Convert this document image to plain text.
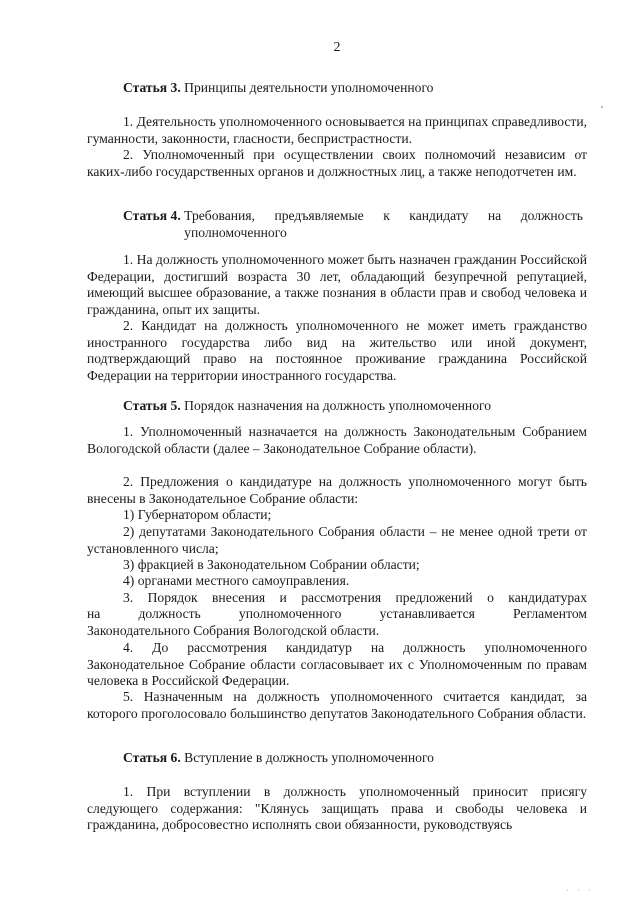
2
Статья 3. Принципы деятельности уполномоченного
1. Деятельность уполномоченного основывается на принципах справедливости, гуманности, законности, гласности, беспристрастности.
2. Уполномоченный при осуществлении своих полномочий независим от каких-либо государственных органов и должностных лиц, а также неподотчетен им.
Статья 4.
Требования, предъявляемые к кандидату на должность уполномоченного
1. На должность уполномоченного может быть назначен гражданин Российской Федерации, достигший возраста 30 лет, обладающий безупречной репутацией, имеющий высшее образование, а также познания в области прав и свобод человека и гражданина, опыт их защиты.
2. Кандидат на должность уполномоченного не может иметь гражданство иностранного государства либо вид на жительство или иной документ, подтверждающий право на постоянное проживание гражданина Российской Федерации на территории иностранного государства.
Статья 5. Порядок назначения на должность уполномоченного
1. Уполномоченный назначается на должность Законодательным Собранием Вологодской области (далее – Законодательное Собрание области).
2. Предложения о кандидатуре на должность уполномоченного могут быть внесены в Законодательное Собрание области:
1) Губернатором области;
2) депутатами Законодательного Собрания области – не менее одной трети от установленного числа;
3) фракцией в Законодательном Собрании области;
4) органами местного самоуправления.
3. Порядок внесения и рассмотрения предложений о кандидатурах
на	должность	уполномоченного	устанавливается	Регламентом
Законодательного Собрания Вологодской области.
4. До рассмотрения кандидатур на должность уполномоченного Законодательное Собрание области согласовывает их с Уполномоченным по правам человека в Российской Федерации.
5. Назначенным на должность уполномоченного считается кандидат, за которого проголосовало большинство депутатов Законодательного Собрания области.
Статья 6. Вступление в должность уполномоченного
1. При вступлении в должность уполномоченный приносит присягу следующего содержания: "Клянусь защищать права и свободы человека и гражданина, добросовестно исполнять свои обязанности, руководствуясь
· · ·
